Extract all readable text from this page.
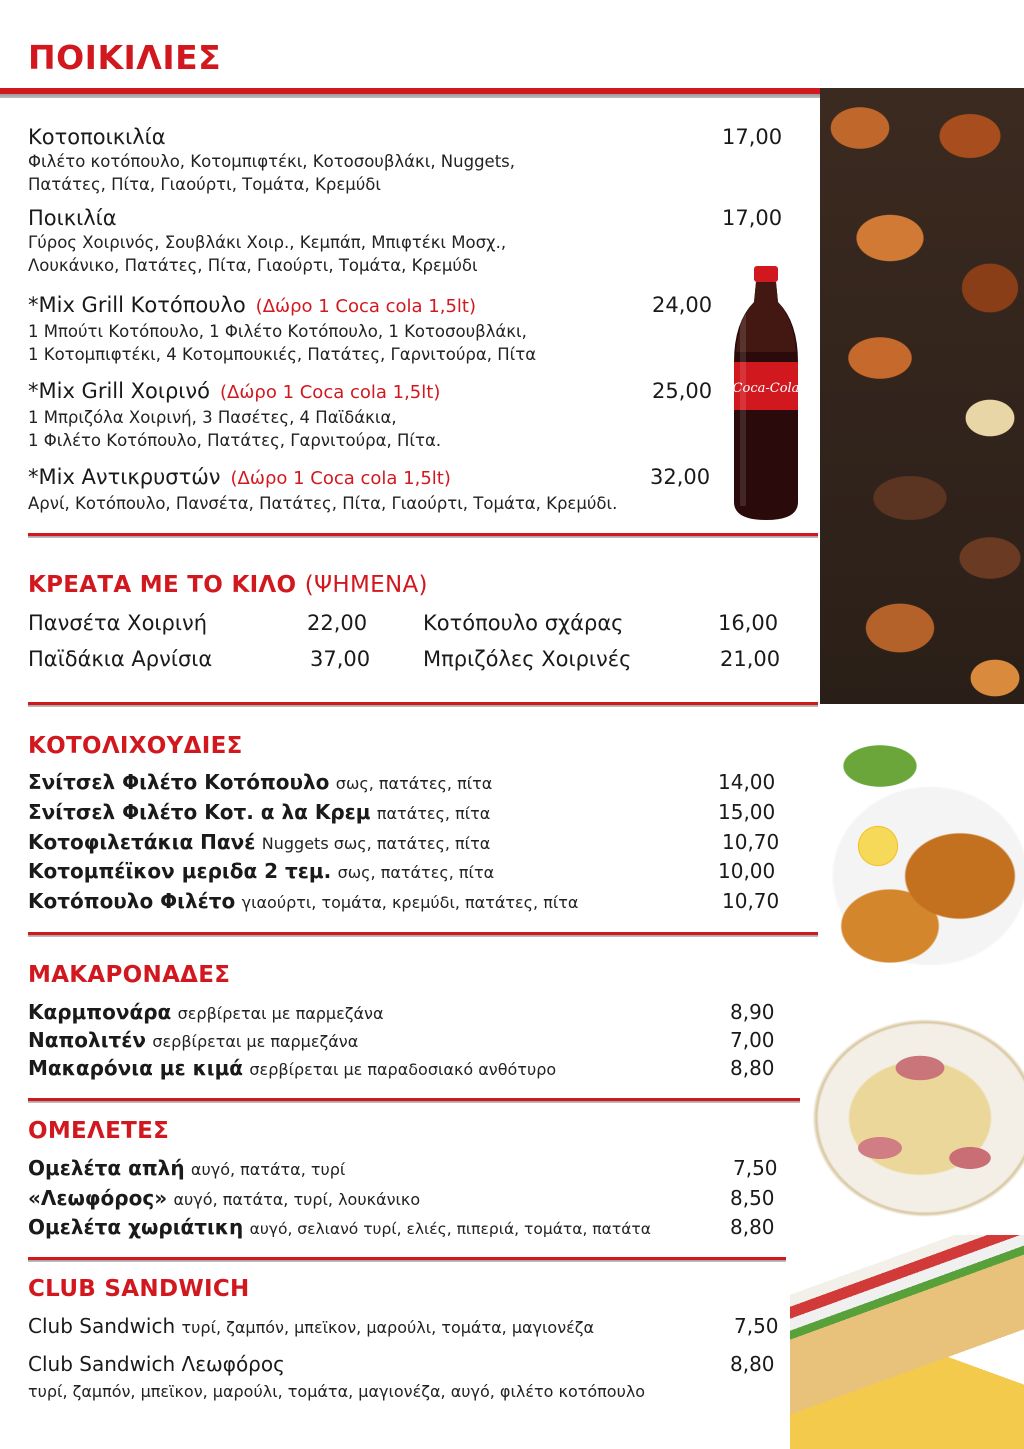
ΠΟΙΚΙΛΙΕΣ
Coca-Cola
Κοτοποικιλία
Φιλέτο κοτόπουλο, Κοτομπιφτέκι, Κοτοσουβλάκι, Nuggets,
Πατάτες, Πίτα, Γιαούρτι, Τομάτα, Κρεμύδι
17,00
Ποικιλία
Γύρος Χοιρινός, Σουβλάκι Χοιρ., Κεμπάπ, Μπιφτέκι Μοσχ.,
Λουκάνικο, Πατάτες, Πίτα, Γιαούρτι, Τομάτα, Κρεμύδι
17,00
*Mix Grill Κοτόπουλο (Δώρο 1 Coca cola 1,5lt)
1 Μπούτι Κοτόπουλο, 1 Φιλέτο Κοτόπουλο, 1 Κοτοσουβλάκι,
1 Κοτομπιφτέκι, 4 Κοτομπουκιές, Πατάτες, Γαρνιτούρα, Πίτα
24,00
*Mix Grill Χοιρινό (Δώρο 1 Coca cola 1,5lt)
1 Μπριζόλα Χοιρινή, 3 Πασέτες, 4 Παϊδάκια,
1 Φιλέτο Κοτόπουλο, Πατάτες, Γαρνιτούρα, Πίτα.
25,00
*Mix Αντικρυστών (Δώρο 1 Coca cola 1,5lt)
Αρνί, Κοτόπουλο, Πανσέτα, Πατάτες, Πίτα, Γιαούρτι, Τομάτα, Κρεμύδι.
32,00
ΚΡΕΑΤΑ ΜΕ ΤΟ ΚΙΛΟ (ΨΗΜΕΝΑ)
Πανσέτα Χοιρινή	22,00	Κοτόπουλο σχάρας	16,00
Παϊδάκια Αρνίσια	37,00	Μπριζόλες Χοιρινές	21,00
ΚΟΤΟΛΙΧΟΥΔΙΕΣ
Σνίτσελ Φιλέτο Κοτόπουλο σως, πατάτες, πίτα	14,00
Σνίτσελ Φιλέτο Κοτ. α λα Κρεμ πατάτες, πίτα	15,00
Κοτοφιλετάκια Πανέ Nuggets σως, πατάτες, πίτα	10,70
Κοτομπέϊκον μεριδα 2 τεμ. σως, πατάτες, πίτα	10,00
Κοτόπουλο Φιλέτο γιαούρτι, τομάτα, κρεμύδι, πατάτες, πίτα	10,70
ΜΑΚΑΡΟΝΑΔΕΣ
Καρμπονάρα σερβίρεται με παρμεζάνα	8,90
Ναπολιτέν σερβίρεται με παρμεζάνα	7,00
Μακαρόνια με κιμά σερβίρεται με παραδοσιακό ανθότυρο	8,80
ΟΜΕΛΕΤΕΣ
Ομελέτα απλή αυγό, πατάτα, τυρί	7,50
«Λεωφόρος» αυγό, πατάτα, τυρί, λουκάνικο	8,50
Ομελέτα χωριάτικη αυγό, σελιανό τυρί, ελιές, πιπεριά, τομάτα, πατάτα	8,80
CLUB SANDWICH
Club Sandwich τυρί, ζαμπόν, μπεϊκον, μαρούλι, τομάτα, μαγιονέζα	7,50
Club Sandwich Λεωφόρος	8,80
τυρί, ζαμπόν, μπεϊκον, μαρούλι, τομάτα, μαγιονέζα, αυγό, φιλέτο κοτόπουλο
